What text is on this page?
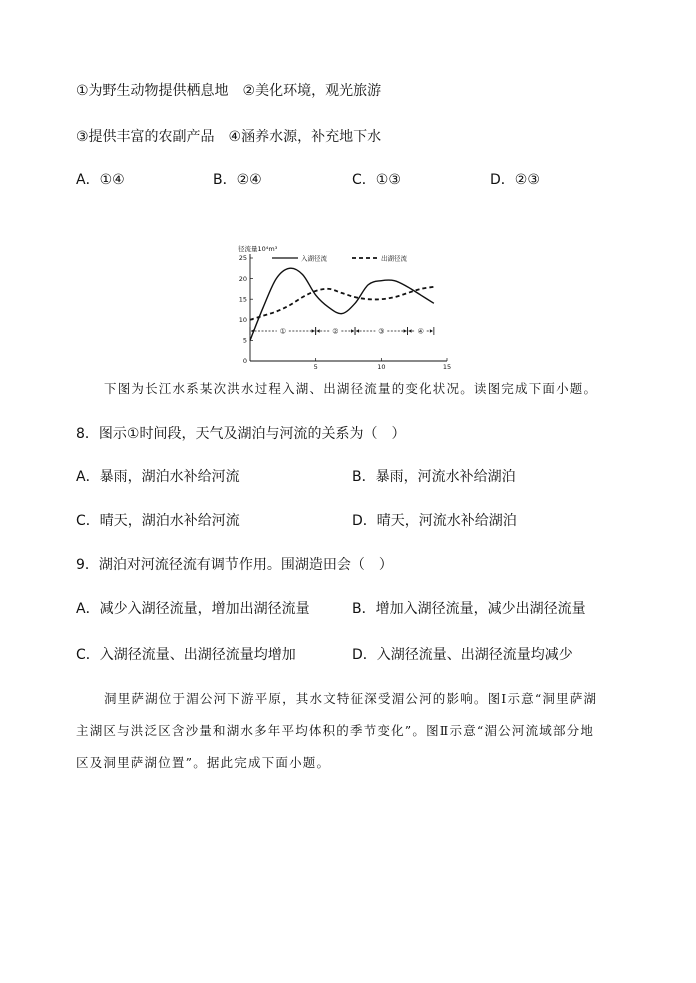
①为野生动物提供栖息地　②美化环境，观光旅游
③提供丰富的农副产品　④涵养水源，补充地下水
A．①④	B．②④	C．①③	D．②③
径流量10⁴m³
入湖径流	出湖径流
0
5
10
15
20
25
5	10	15
①	②	③	④
下图为长江水系某次洪水过程入湖、出湖径流量的变化状况。读图完成下面小题。
8．图示①时间段，天气及湖泊与河流的关系为（　）
A．暴雨，湖泊水补给河流	B．暴雨，河流水补给湖泊
C．晴天，湖泊水补给河流	D．晴天，河流水补给湖泊
9．湖泊对河流径流有调节作用。围湖造田会（　）
A．减少入湖径流量，增加出湖径流量	B．增加入湖径流量，减少出湖径流量
C．入湖径流量、出湖径流量均增加	D．入湖径流量、出湖径流量均减少
洞里萨湖位于湄公河下游平原，其水文特征深受湄公河的影响。图Ⅰ示意“洞里萨湖
主湖区与洪泛区含沙量和湖水多年平均体积的季节变化”。图Ⅱ示意“湄公河流域部分地
区及洞里萨湖位置”。据此完成下面小题。
